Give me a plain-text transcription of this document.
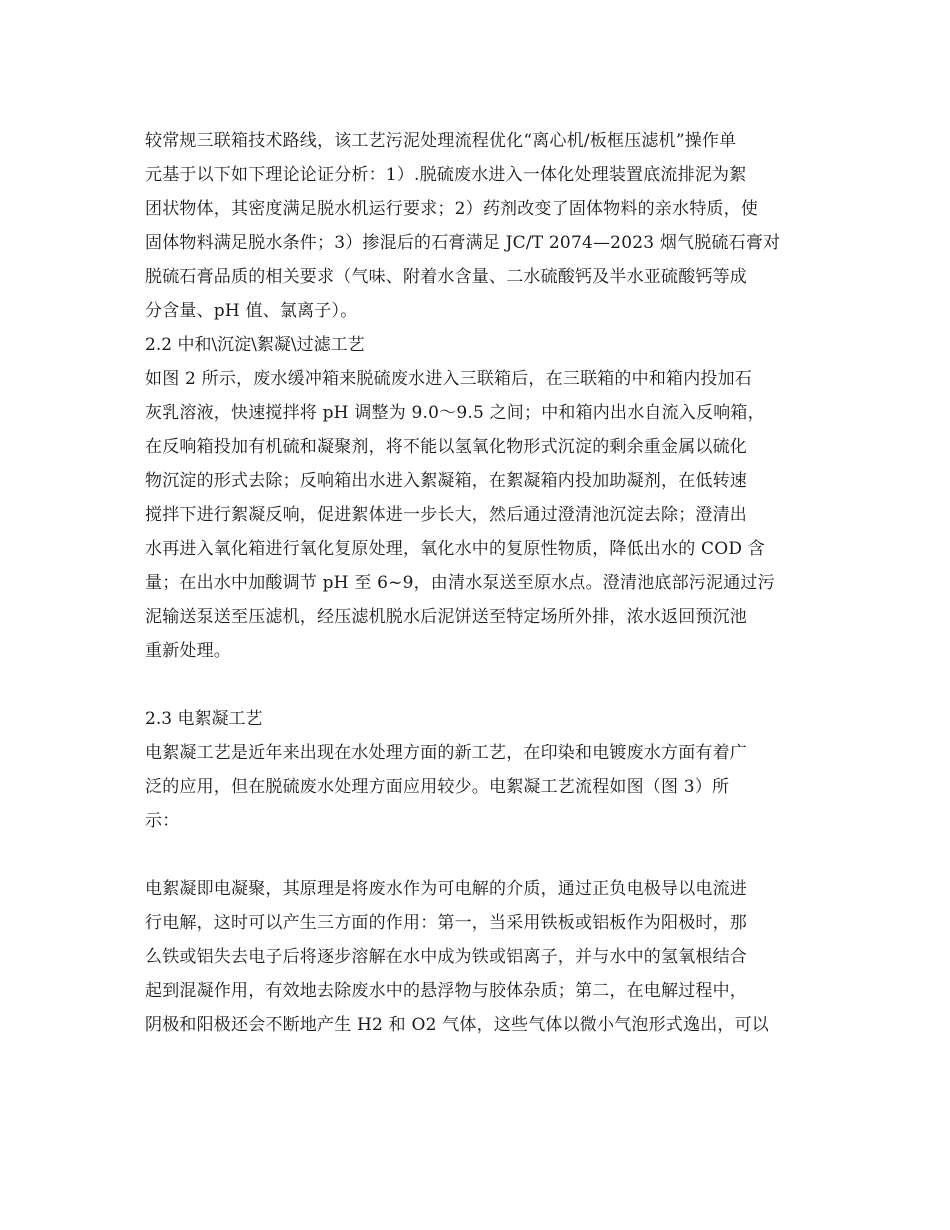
较常规三联箱技术路线，该工艺污泥处理流程优化“离心机/板框压滤机”操作单
元基于以下如下理论论证分析：1）.脱硫废水进入一体化处理装置底流排泥为絮
团状物体，其密度满足脱水机运行要求；2）药剂改变了固体物料的亲水特质，使
固体物料满足脱水条件；3）掺混后的石膏满足 JC/T 2074—2023 烟气脱硫石膏对
脱硫石膏品质的相关要求（气味、附着水含量、二水硫酸钙及半水亚硫酸钙等成
分含量、pH 值、氯离子）。
2.2 中和\沉淀\絮凝\过滤工艺
如图 2 所示，废水缓冲箱来脱硫废水进入三联箱后，在三联箱的中和箱内投加石
灰乳溶液，快速搅拌将 pH 调整为 9.0～9.5 之间；中和箱内出水自流入反响箱，
在反响箱投加有机硫和凝聚剂，将不能以氢氧化物形式沉淀的剩余重金属以硫化
物沉淀的形式去除；反响箱出水进入絮凝箱，在絮凝箱内投加助凝剂，在低转速
搅拌下进行絮凝反响，促进絮体进一步长大，然后通过澄清池沉淀去除；澄清出
水再进入氧化箱进行氧化复原处理，氧化水中的复原性物质，降低出水的 COD 含
量；在出水中加酸调节 pH 至 6~9，由清水泵送至原水点。澄清池底部污泥通过污
泥输送泵送至压滤机，经压滤机脱水后泥饼送至特定场所外排，浓水返回预沉池
重新处理。
2.3 电絮凝工艺
电絮凝工艺是近年来出现在水处理方面的新工艺，在印染和电镀废水方面有着广
泛的应用，但在脱硫废水处理方面应用较少。电絮凝工艺流程如图（图 3）所
示：
电絮凝即电凝聚，其原理是将废水作为可电解的介质，通过正负电极导以电流进
行电解，这时可以产生三方面的作用：第一，当采用铁板或铝板作为阳极时，那
么铁或铝失去电子后将逐步溶解在水中成为铁或铝离子，并与水中的氢氧根结合
起到混凝作用，有效地去除废水中的悬浮物与胶体杂质；第二，在电解过程中，
阴极和阳极还会不断地产生 H2 和 O2 气体，这些气体以微小气泡形式逸出，可以
